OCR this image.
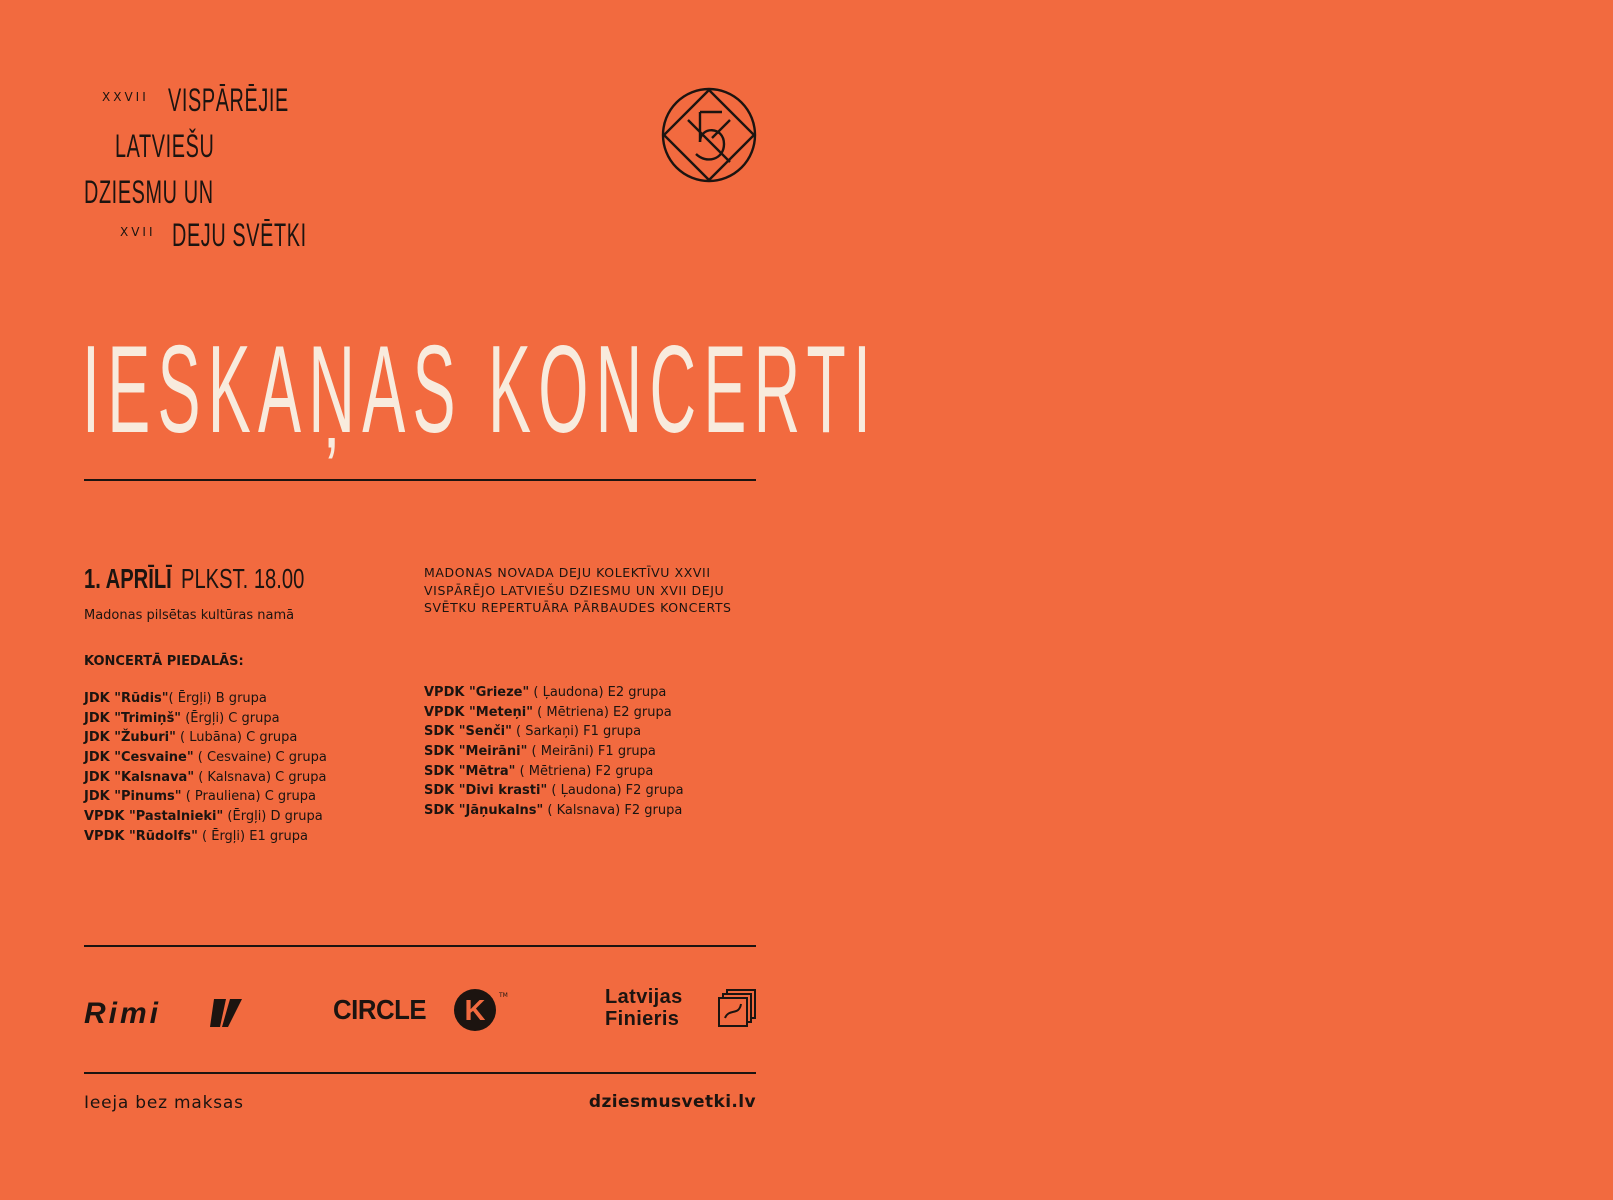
XXVII VISPĀRĒJIE
LATVIEŠU
DZIESMU UN
XVII DEJU SVĒTKI
IESKAŅAS KONCERTI
1. APRĪLĪ PLKST. 18.00
Madonas pilsētas kultūras namā
KONCERTĀ PIEDALĀS:
JDK "Rūdis"( Ērgļi) B grupa
JDK "Trimiņš" (Ērgļi) C grupa
JDK "Žuburi" ( Lubāna) C grupa
JDK "Cesvaine" ( Cesvaine) C grupa
JDK "Kalsnava" ( Kalsnava) C grupa
JDK "Pinums" ( Prauliena) C grupa
VPDK "Pastalnieki" (Ērgļi) D grupa
VPDK "Rūdolfs" ( Ērgļi) E1 grupa

MADONAS NOVADA DEJU KOLEKTĪVU XXVII VISPĀRĒJO LATVIEŠU DZIESMU UN XVII DEJU SVĒTKU REPERTUĀRA PĀRBAUDES KONCERTS

VPDK "Grieze" ( Ļaudona) E2 grupa
VPDK "Meteņi" ( Mētriena) E2 grupa
SDK "Senči" ( Sarkaņi) F1 grupa
SDK "Meirāni" ( Meirāni) F1 grupa
SDK "Mētra" ( Mētriena) F2 grupa
SDK "Divi krasti" ( Ļaudona) F2 grupa
SDK "Jāņukalns" ( Kalsnava) F2 grupa
Rimi	CIRCLE K TM	Latvijas
Finieris
Ieeja bez maksas	dziesmusvetki.lv
